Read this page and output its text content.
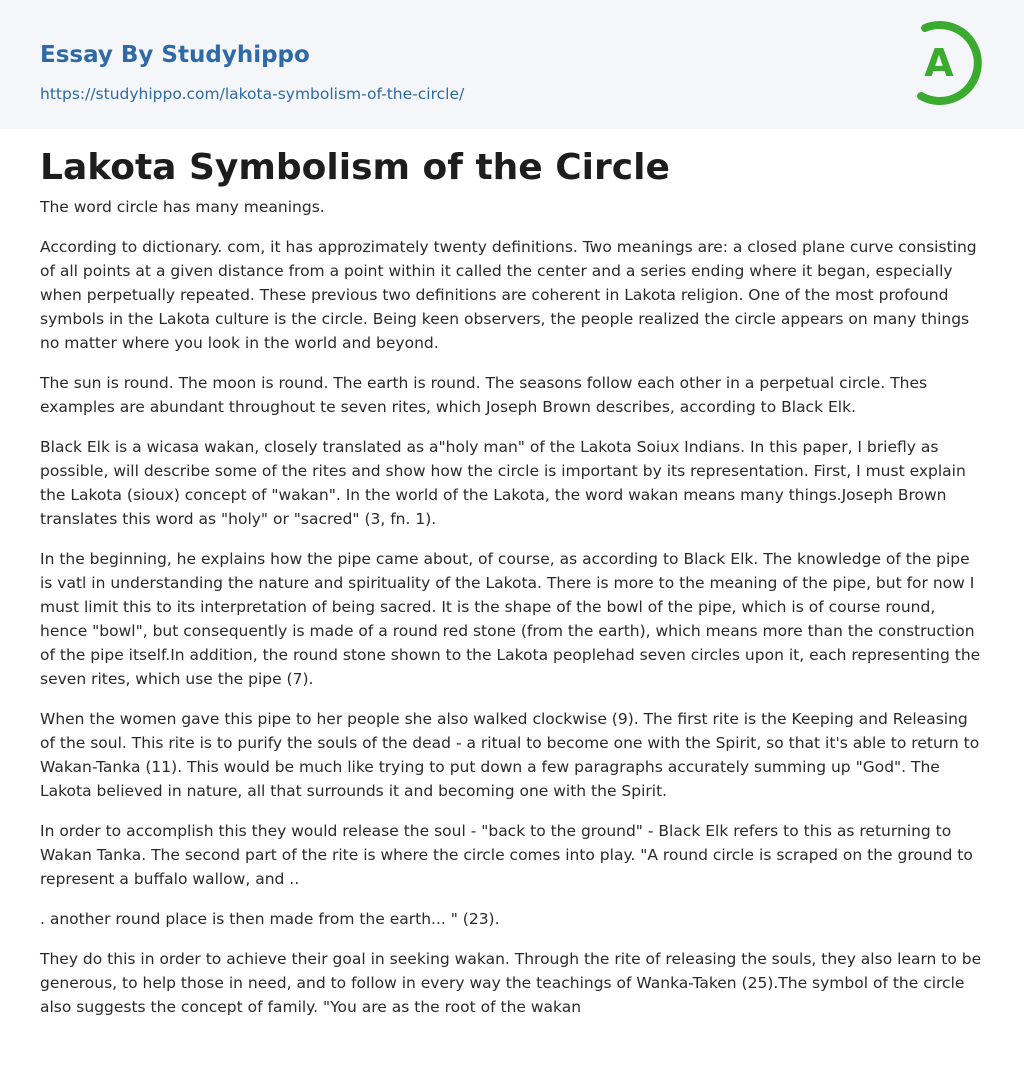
Essay By Studyhippo
https://studyhippo.com/lakota-symbolism-of-the-circle/
A
Lakota Symbolism of the Circle

The word circle has many meanings.

According to dictionary. com, it has approzimately twenty definitions. Two meanings are: a closed plane curve consisting of all points at a given distance from a point within it called the center and a series ending where it began, especially when perpetually repeated. These previous two definitions are coherent in Lakota religion. One of the most profound symbols in the Lakota culture is the circle. Being keen observers, the people realized the circle appears on many things no matter where you look in the world and beyond.

The sun is round. The moon is round. The earth is round. The seasons follow each other in a perpetual circle. Thes examples are abundant throughout te seven rites, which Joseph Brown describes, according to Black Elk.

Black Elk is a wicasa wakan, closely translated as a"holy man" of the Lakota Soiux Indians. In this paper, I briefly as possible, will describe some of the rites and show how the circle is important by its representation. First, I must explain the Lakota (sioux) concept of "wakan". In the world of the Lakota, the word wakan means many things.Joseph Brown translates this word as "holy" or "sacred" (3, fn. 1).

In the beginning, he explains how the pipe came about, of course, as according to Black Elk. The knowledge of the pipe is vatl in understanding the nature and spirituality of the Lakota. There is more to the meaning of the pipe, but for now I must limit this to its interpretation of being sacred. It is the shape of the bowl of the pipe, which is of course round, hence "bowl", but consequently is made of a round red stone (from the earth), which means more than the construction of the pipe itself.In addition, the round stone shown to the Lakota peoplehad seven circles upon it, each representing the seven rites, which use the pipe (7).

When the women gave this pipe to her people she also walked clockwise (9). The first rite is the Keeping and Releasing of the soul. This rite is to purify the souls of the dead - a ritual to become one with the Spirit, so that it's able to return to Wakan-Tanka (11). This would be much like trying to put down a few paragraphs accurately summing up "God". The Lakota believed in nature, all that surrounds it and becoming one with the Spirit.

In order to accomplish this they would release the soul - "back to the ground" - Black Elk refers to this as returning to Wakan Tanka. The second part of the rite is where the circle comes into play. "A round circle is scraped on the ground to represent a buffalo wallow, and ..

. another round place is then made from the earth... " (23).

They do this in order to achieve their goal in seeking wakan. Through the rite of releasing the souls, they also learn to be generous, to help those in need, and to follow in every way the teachings of Wanka-Taken (25).The symbol of the circle also suggests the concept of family. "You are as the root of the wakan
